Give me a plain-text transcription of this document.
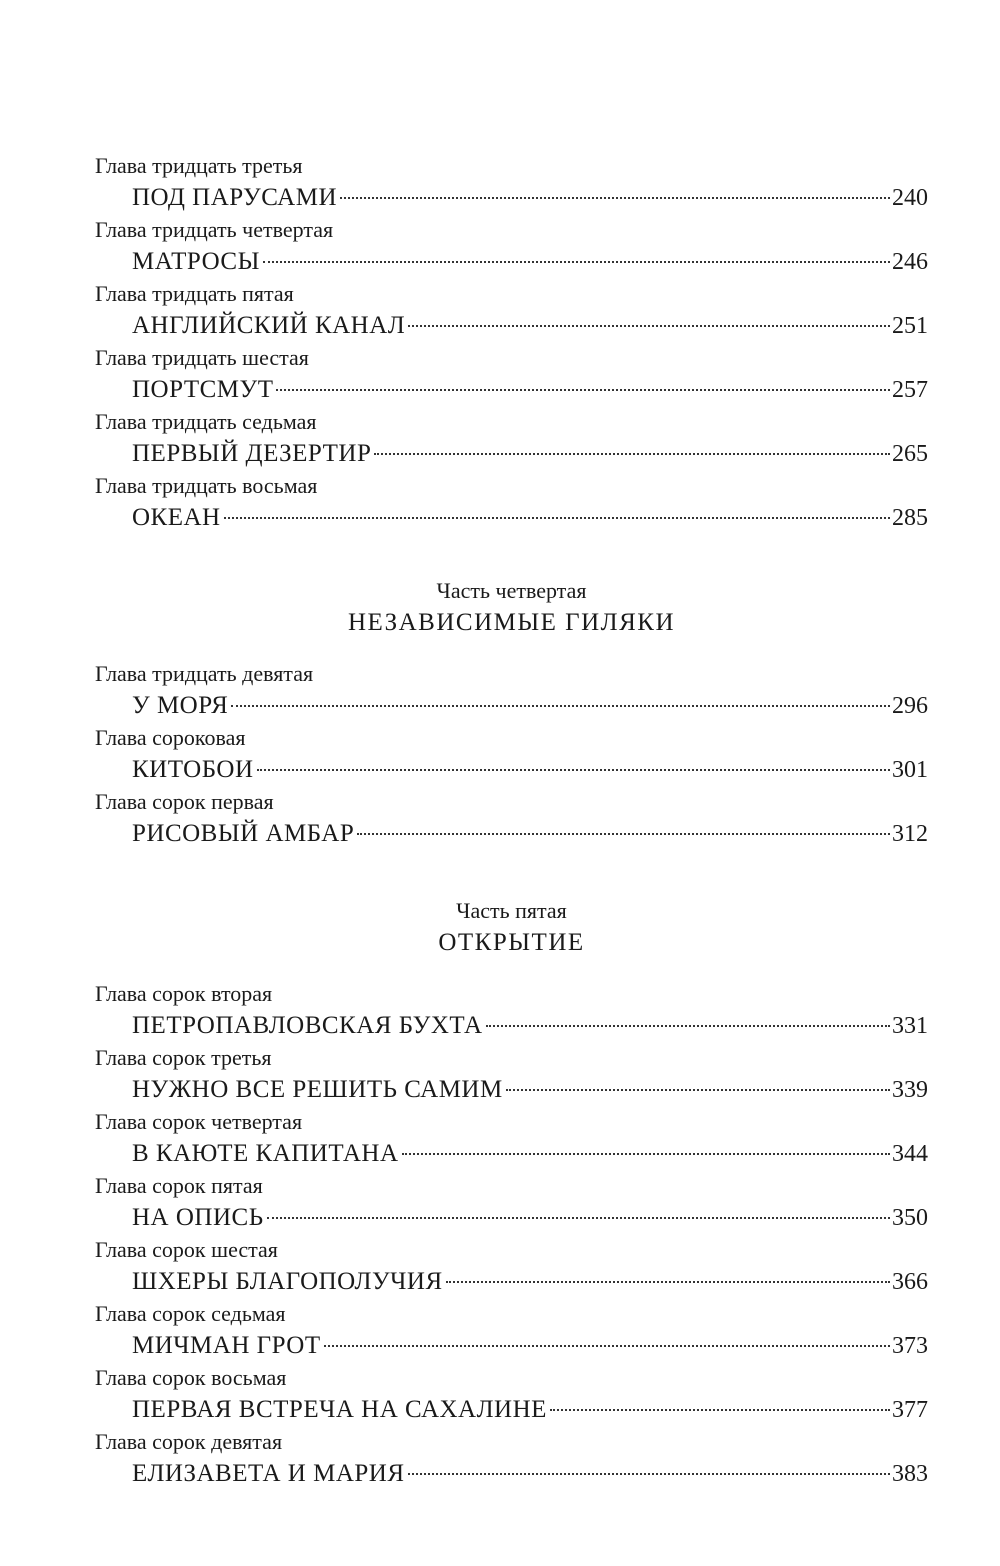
Глава тридцать третья
ПОД ПАРУСАМИ	240
Глава тридцать четвертая
МАТРОСЫ	246
Глава тридцать пятая
АНГЛИЙСКИЙ КАНАЛ	251
Глава тридцать шестая
ПОРТСМУТ	257
Глава тридцать седьмая
ПЕРВЫЙ ДЕЗЕРТИР	265
Глава тридцать восьмая
ОКЕАН	285
Часть четвертая
НЕЗАВИСИМЫЕ ГИЛЯКИ
Глава тридцать девятая
У МОРЯ	296
Глава сороковая
КИТОБОИ	301
Глава сорок первая
РИСОВЫЙ АМБАР	312
Часть пятая
ОТКРЫТИЕ
Глава сорок вторая
ПЕТРОПАВЛОВСКАЯ БУХТА	331
Глава сорок третья
НУЖНО ВСЕ РЕШИТЬ САМИМ	339
Глава сорок четвертая
В КАЮТЕ КАПИТАНА	344
Глава сорок пятая
НА ОПИСЬ	350
Глава сорок шестая
ШХЕРЫ БЛАГОПОЛУЧИЯ	366
Глава сорок седьмая
МИЧМАН ГРОТ	373
Глава сорок восьмая
ПЕРВАЯ ВСТРЕЧА НА САХАЛИНЕ	377
Глава сорок девятая
ЕЛИЗАВЕТА И МАРИЯ	383
